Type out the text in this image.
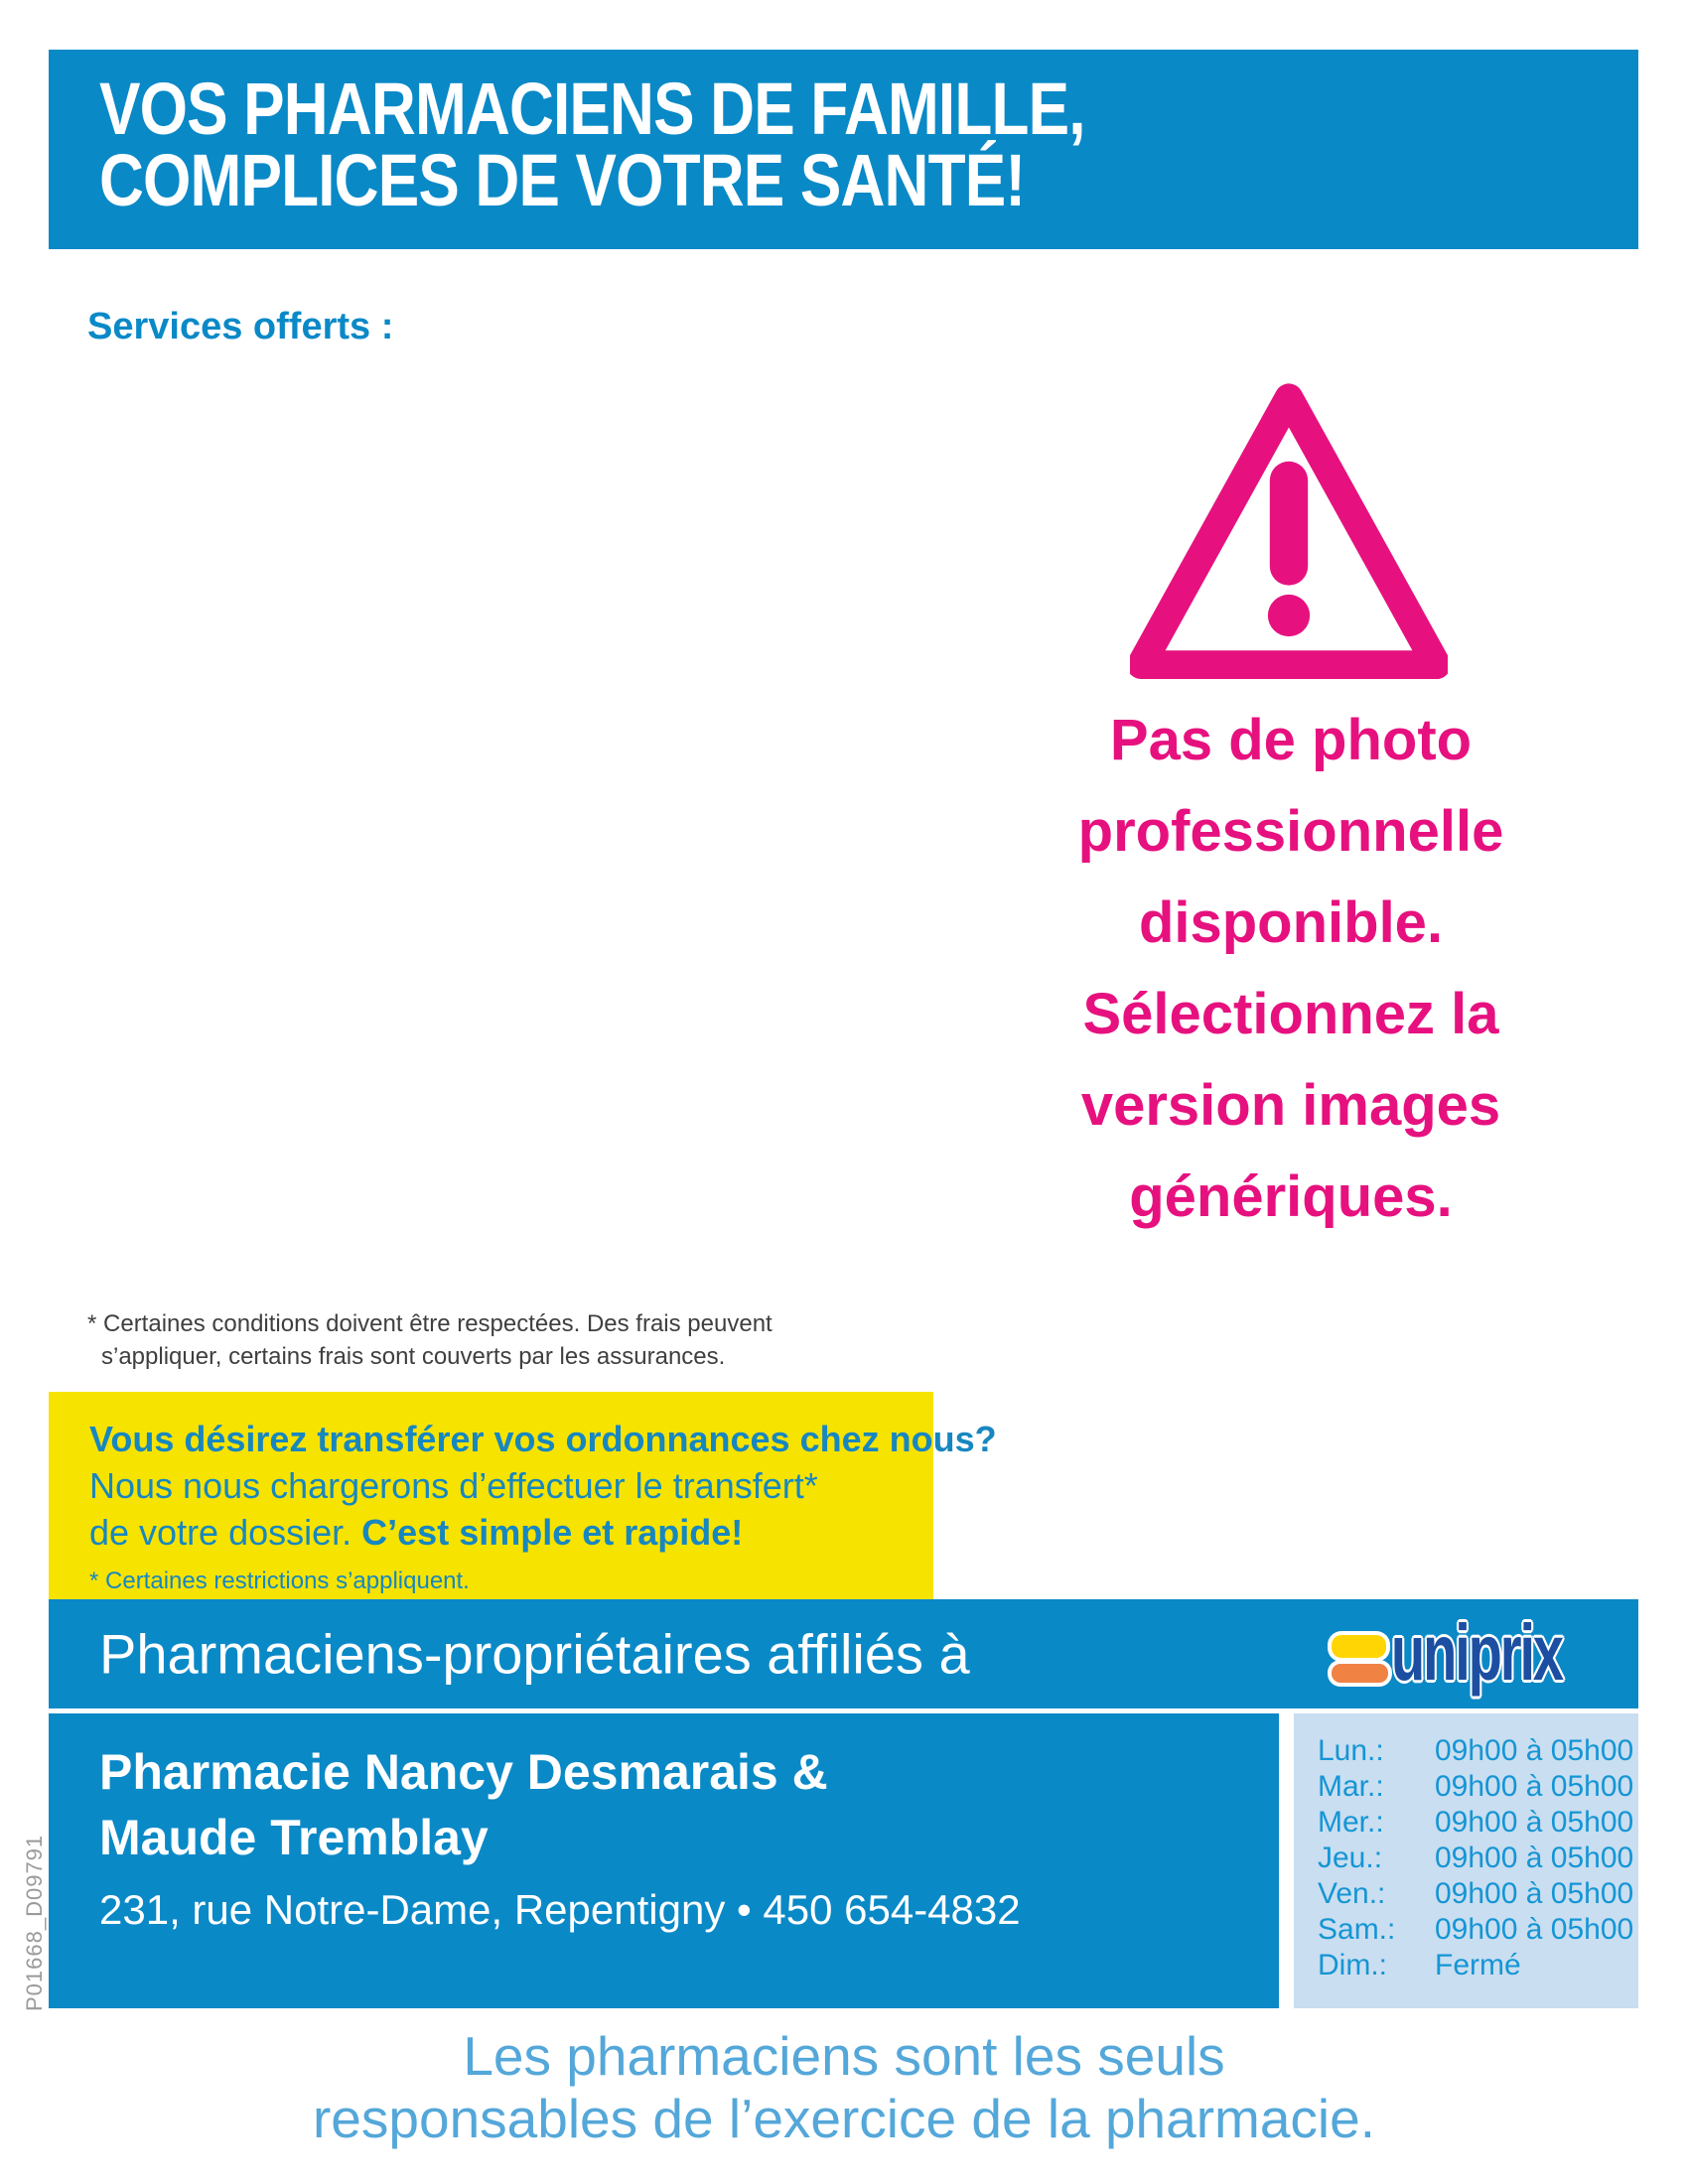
VOS PHARMACIENS DE FAMILLE,
COMPLICES DE VOTRE SANTÉ!
Services offerts :
Pas de photo
professionnelle
disponible.
Sélectionnez la
version images
génériques.
* Certaines conditions doivent être respectées. Des frais peuvent
s’appliquer, certains frais sont couverts par les assurances.
Vous désirez transférer vos ordonnances chez nous?
Nous nous chargerons d’effectuer le transfert*
de votre dossier. C’est simple et rapide!
* Certaines restrictions s’appliquent.
Pharmaciens-propriétaires affiliés à	uniprix
Pharmacie Nancy Desmarais &
Maude Tremblay
231, rue Notre-Dame, Repentigny • 450 654-4832
Lun.:	09h00 à 05h00
Mar.:	09h00 à 05h00
Mer.:	09h00 à 05h00
Jeu.:	09h00 à 05h00
Ven.:	09h00 à 05h00
Sam.:	09h00 à 05h00
Dim.:	Fermé
P01668_D09791
Les pharmaciens sont les seuls
responsables de l’exercice de la pharmacie.
